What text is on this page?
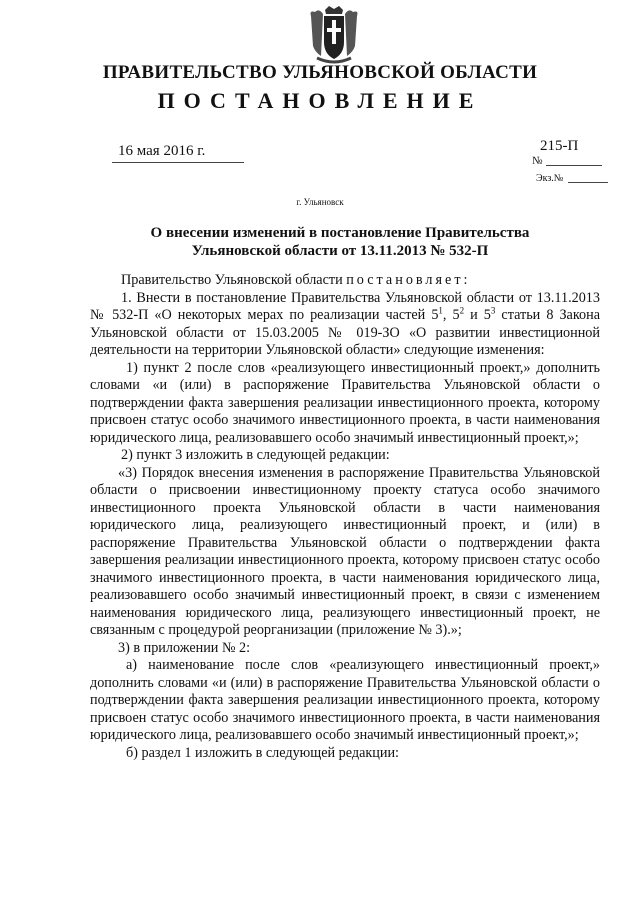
ПРАВИТЕЛЬСТВО УЛЬЯНОВСКОЙ ОБЛАСТИ
ПОСТАНОВЛЕНИЕ
16 мая 2016 г.	215-П
№
Экз.№
г. Ульяновск
О внесении изменений в постановление Правительства
Ульяновской области от 13.11.2013 № 532-П

Правительство Ульяновской области постановляет:

1. Внести в постановление Правительства Ульяновской области от 13.11.2013 № 532-П «О некоторых мерах по реализации частей $5^1$, $5^2$ и $5^3$ статьи 8 Закона Ульяновской области от 15.03.2005 № 019-ЗО «О развитии инвестиционной деятельности на территории Ульяновской области» следующие изменения:

1) пункт 2 после слов «реализующего инвестиционный проект,» дополнить словами «и (или) в распоряжение Правительства Ульяновской области о подтверждении факта завершения реализации инвестиционного проекта, которому присвоен статус особо значимого инвестиционного проекта, в части наименования юридического лица, реализовавшего особо значимый инвестиционный проект,»;

2) пункт 3 изложить в следующей редакции:

«3) Порядок внесения изменения в распоряжение Правительства Ульяновской области о присвоении инвестиционному проекту статуса особо значимого инвестиционного проекта Ульяновской области в части наименования юридического лица, реализующего инвестиционный проект, и (или) в распоряжение Правительства Ульяновской области о подтверждении факта завершения реализации инвестиционного проекта, которому присвоен статус особо значимого инвестиционного проекта, в части наименования юридического лица, реализовавшего особо значимый инвестиционный проект, в связи с изменением наименования юридического лица, реализующего инвестиционный проект, не связанным с процедурой реорганизации (приложение № 3).»;

3) в приложении № 2:

а) наименование после слов «реализующего инвестиционный проект,» дополнить словами «и (или) в распоряжение Правительства Ульяновской области о подтверждении факта завершения реализации инвестиционного проекта, которому присвоен статус особо значимого инвестиционного проекта, в части наименования юридического лица, реализовавшего особо значимый инвестиционный проект,»;

б) раздел 1 изложить в следующей редакции:
